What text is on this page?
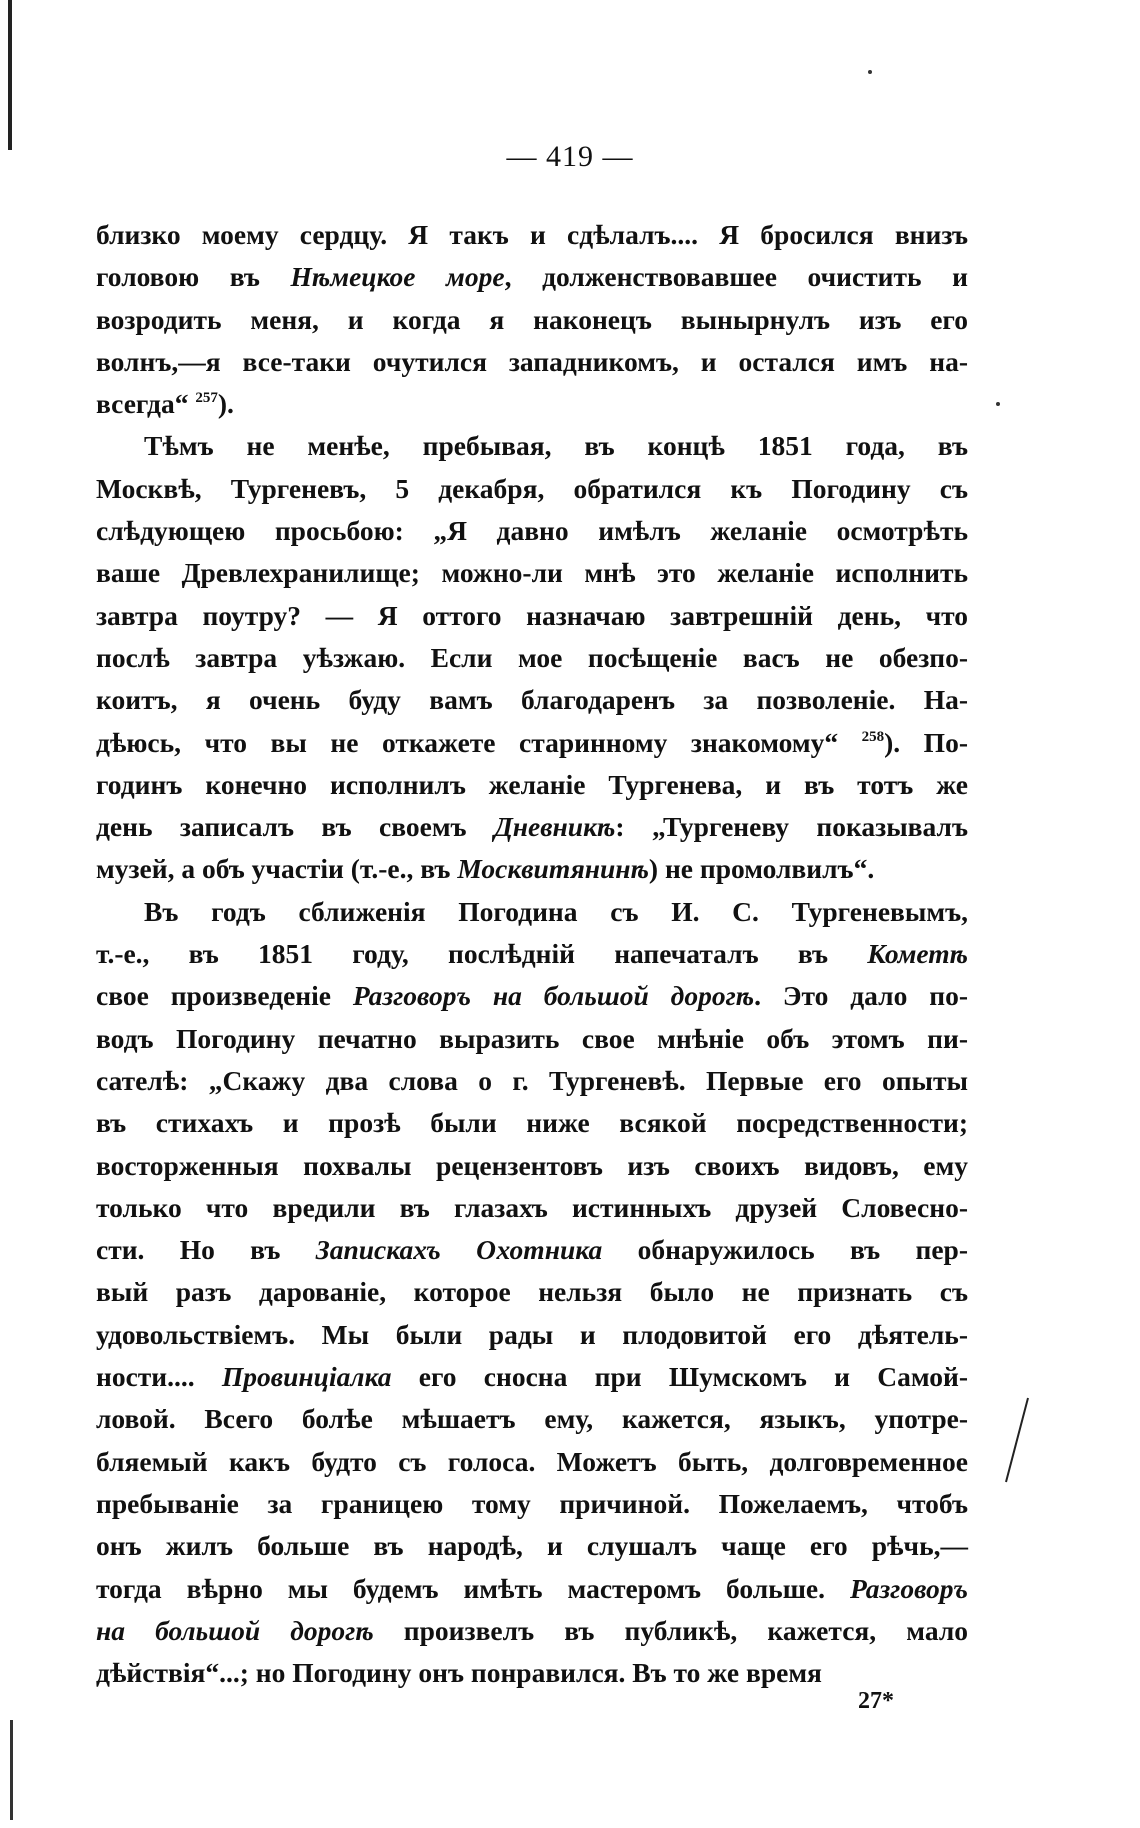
— 419 —
близко моему сердцу. Я такъ и сдѣлалъ.... Я бросился внизъ
головою въ Нѣмецкое море, долженствовавшее очистить и
возродить меня, и когда я наконецъ вынырнулъ изъ его
волнъ,—я все-таки очутился западникомъ, и остался имъ на-
всегда“ $^{257}$).
Тѣмъ не менѣе, пребывая, въ концѣ 1851 года, въ
Москвѣ, Тургеневъ, 5 декабря, обратился къ Погодину съ
слѣдующею просьбою: „Я давно имѣлъ желаніе осмотрѣть
ваше Древлехранилище; можно-ли мнѣ это желаніе исполнить
завтра поутру? — Я оттого назначаю завтрешній день, что
послѣ завтра уѣзжаю. Если мое посѣщеніе васъ не обезпо-
коитъ, я очень буду вамъ благодаренъ за позволеніе. На-
дѣюсь, что вы не откажете старинному знакомому“ $^{258}$). По-
годинъ конечно исполнилъ желаніе Тургенева, и въ тотъ же
день записалъ въ своемъ Дневникѣ: „Тургеневу показывалъ
музей, а объ участіи (т.-е., въ Москвитянинѣ) не промолвилъ“.
Въ годъ сближенія Погодина съ И. С. Тургеневымъ,
т.-е., въ 1851 году, послѣдній напечаталъ въ Кометѣ
свое произведеніе Разговоръ на большой дорогѣ. Это дало по-
водъ Погодину печатно выразить свое мнѣніе объ этомъ пи-
сателѣ: „Скажу два слова о г. Тургеневѣ. Первые его опыты
въ стихахъ и прозѣ были ниже всякой посредственности;
восторженныя похвалы рецензентовъ изъ своихъ видовъ, ему
только что вредили въ глазахъ истинныхъ друзей Словесно-
сти. Но въ Запискахъ Охотника обнаружилось въ пер-
вый разъ дарованіе, которое нельзя было не признать съ
удовольствіемъ. Мы были рады и плодовитой его дѣятель-
ности.... Провинціалка его сносна при Шумскомъ и Самой-
ловой. Всего болѣе мѣшаетъ ему, кажется, языкъ, употре-
бляемый какъ будто съ голоса. Можетъ быть, долговременное
пребываніе за границею тому причиной. Пожелаемъ, чтобъ
онъ жилъ больше въ народѣ, и слушалъ чаще его рѣчь,—
тогда вѣрно мы будемъ имѣть мастеромъ больше. Разговоръ
на большой дорогѣ произвелъ въ публикѣ, кажется, мало
дѣйствія“...; но Погодину онъ понравился. Въ то же время
27*
